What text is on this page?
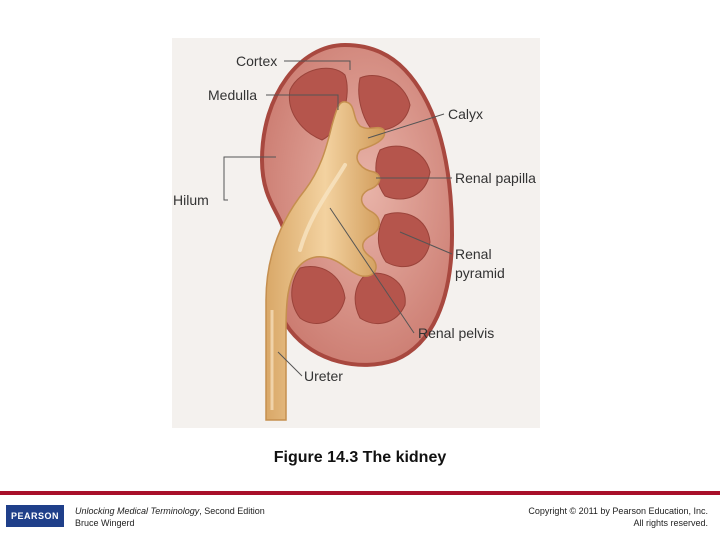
Cortex
Medulla
Calyx
Renal papilla
Hilum
Renal
pyramid
Renal pelvis
Ureter
Figure 14.3 The kidney
PEARSON	Unlocking Medical Terminology, Second Edition
Bruce Wingerd
Copyright © 2011 by Pearson Education, Inc.
All rights reserved.
